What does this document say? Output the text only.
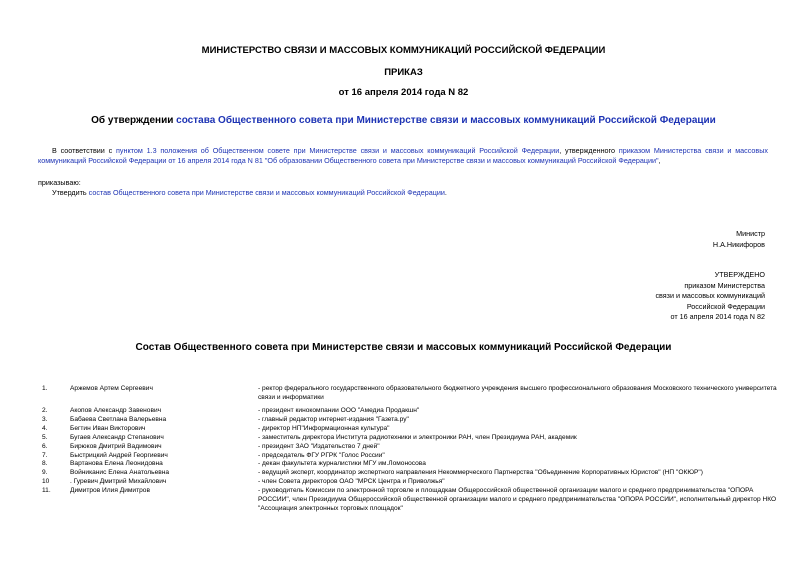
МИНИСТЕРСТВО СВЯЗИ И МАССОВЫХ КОММУНИКАЦИЙ РОССИЙСКОЙ ФЕДЕРАЦИИ
ПРИКАЗ
от 16 апреля 2014 года N 82
Об утверждении состава Общественного совета при Министерстве связи и массовых коммуникаций Российской Федерации
В соответствии с пунктом 1.3 положения об Общественном совете при Министерстве связи и массовых коммуникаций Российской Федерации, утвержденного приказом Министерства связи и массовых коммуникаций Российской Федерации от 16 апреля 2014 года N 81 "Об образовании Общественного совета при Министерстве связи и массовых коммуникаций Российской Федерации",
приказываю:
Утвердить состав Общественного совета при Министерстве связи и массовых коммуникаций Российской Федерации.
Министр
Н.А.Никифоров
УТВЕРЖДЕНО
приказом Министерства
связи и массовых коммуникаций
Российской Федерации
от 16 апреля 2014 года N 82
Состав Общественного совета при Министерстве связи и массовых коммуникаций Российской Федерации
1.	Аржемов Артем Сергеевич	- ректор федерального государственного образовательного бюджетного учреждения высшего профессионального образования Московского технического университета связи и информатики
2.	Акопов Александр Завенович	- президент кинокомпании ООО "Амедиа Продакшн"
3.	Бабаева Светлана Валерьевна	- главный редактор интернет-издания "Газета.ру"
4.	Бегтин Иван Викторович	- директор НП"Информационная культура"
5.	Бугаев Александр Степанович	- заместитель директора Института радиотехники и электроники РАН, член Президиума РАН, академик
6.	Бирюков Дмитрий Вадимович	- президент ЗАО "Издательство 7 дней"
7.	Быстрицкий Андрей Георгиевич	- председатель ФГУ РГРК "Голос России"
8.	Вартанова Елена Леонидовна	- декан факультета журналистики МГУ им.Ломоносова
9.	Войниканис Елена Анатольевна	- ведущий эксперт, координатор экспертного направления Некоммерческого Партнерства "Объединение Корпоративных Юристов" (НП "ОКЮР")
10	. Гуревич Дмитрий Михайлович	- член Совета директоров ОАО "МРСК Центра и Приволжья"
11.	Димитров Илия Димитров	- руководитель Комиссии по электронной торговле и площадкам Общероссийской общественной организации малого и среднего предпринимательства "ОПОРА РОССИИ", член Президиума Общероссийской общественной организации малого и среднего предпринимательства "ОПОРА РОССИИ", исполнительный директор НКО "Ассоциация электронных торговых площадок"
